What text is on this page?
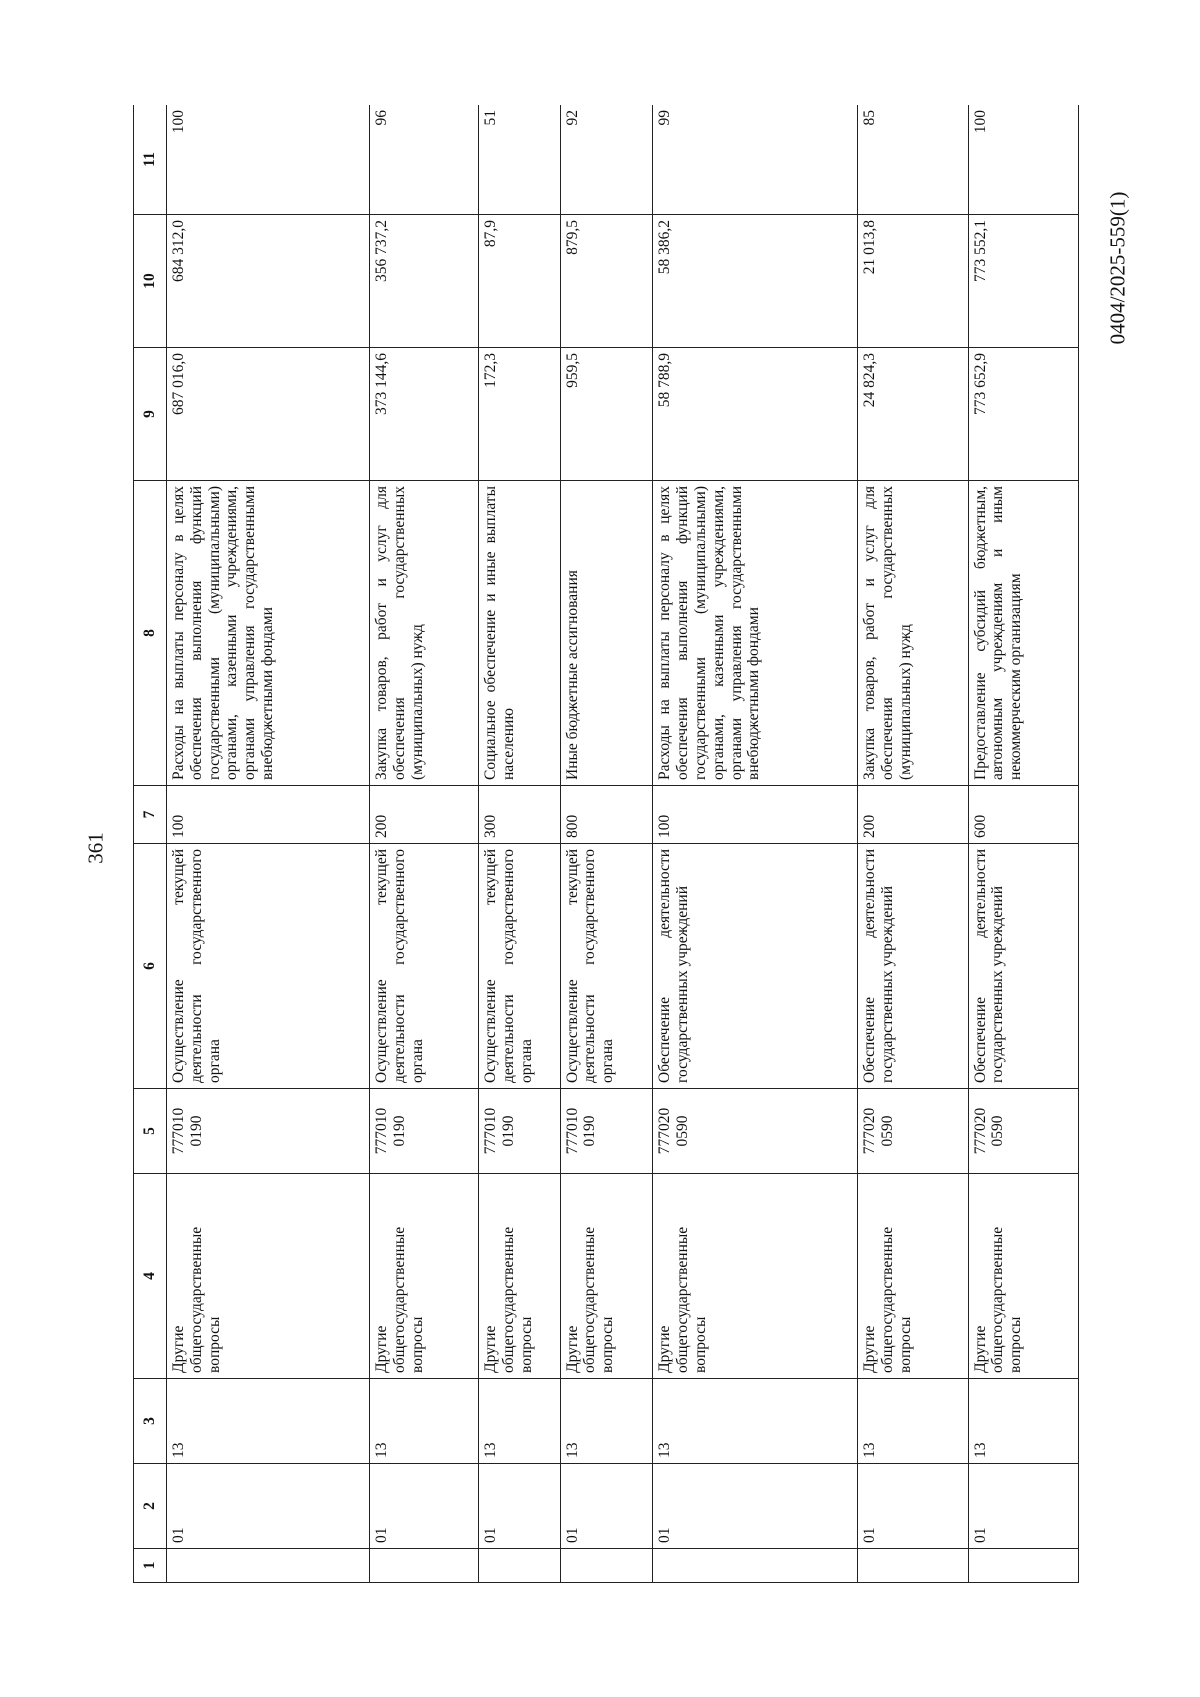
361
0404/2025-559(1)
1	2	3	4	5	6	7	8	9	10	11
	01	13	Другие общегосударственные вопросы	777010 0190	Осуществление текущей деятельности государственного органа	100	Расходы на выплаты персоналу в целях обеспечения выполнения функций государственными (муниципальными) органами, казенными учреждениями, органами управления государственными внебюджетными фондами	687 016,0	684 312,0	100
	01	13	Другие общегосударственные вопросы	777010 0190	Осуществление текущей деятельности государственного органа	200	Закупка товаров, работ и услуг для обеспечения государственных (муниципальных) нужд	373 144,6	356 737,2	96
	01	13	Другие общегосударственные вопросы	777010 0190	Осуществление текущей деятельности государственного органа	300	Социальное обеспечение и иные выплаты населению	172,3	87,9	51
	01	13	Другие общегосударственные вопросы	777010 0190	Осуществление текущей деятельности государственного органа	800	Иные бюджетные ассигнования	959,5	879,5	92
	01	13	Другие общегосударственные вопросы	777020 0590	Обеспечение деятельности государственных учреждений	100	Расходы на выплаты персоналу в целях обеспечения выполнения функций государственными (муниципальными) органами, казенными учреждениями, органами управления государственными внебюджетными фондами	58 788,9	58 386,2	99
	01	13	Другие общегосударственные вопросы	777020 0590	Обеспечение деятельности государственных учреждений	200	Закупка товаров, работ и услуг для обеспечения государственных (муниципальных) нужд	24 824,3	21 013,8	85
	01	13	Другие общегосударственные вопросы	777020 0590	Обеспечение деятельности государственных учреждений	600	Предоставление субсидий бюджетным, автономным учреждениям и иным некоммерческим организациям	773 652,9	773 552,1	100
